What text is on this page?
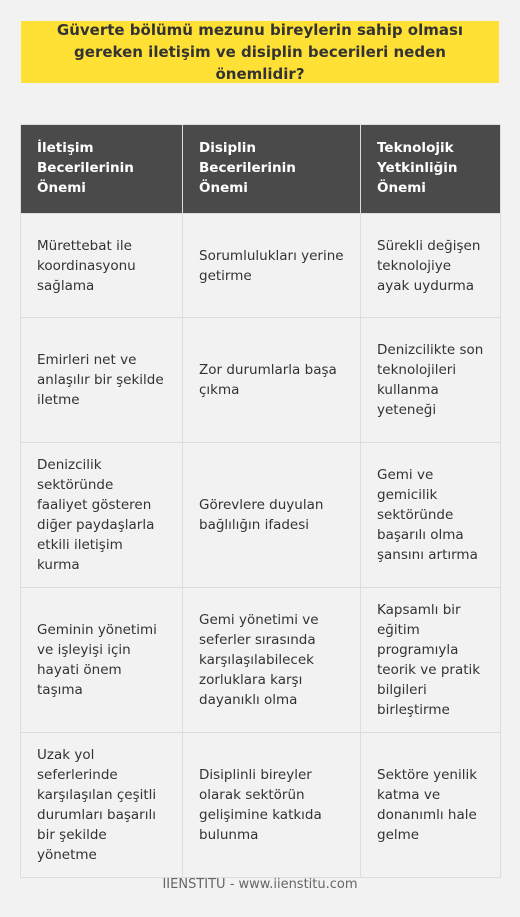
Güverte bölümü mezunu bireylerin sahip olması gereken iletişim ve disiplin becerileri neden önemlidir?
İletişim Becerilerinin Önemi	Disiplin Becerilerinin Önemi	Teknolojik Yetkinliğin Önemi
Mürettebat ile koordinasyonu sağlama	Sorumlulukları yerine getirme	Sürekli değişen teknolojiye ayak uydurma
Emirleri net ve anlaşılır bir şekilde iletme	Zor durumlarla başa çıkma	Denizcilikte son teknolojileri kullanma yeteneği
Denizcilik sektöründe faaliyet gösteren diğer paydaşlarla etkili iletişim kurma	Görevlere duyulan bağlılığın ifadesi	Gemi ve gemicilik sektöründe başarılı olma şansını artırma
Geminin yönetimi ve işleyişi için hayati önem taşıma	Gemi yönetimi ve seferler sırasında karşılaşılabilecek zorluklara karşı dayanıklı olma	Kapsamlı bir eğitim programıyla teorik ve pratik bilgileri birleştirme
Uzak yol seferlerinde karşılaşılan çeşitli durumları başarılı bir şekilde yönetme	Disiplinli bireyler olarak sektörün gelişimine katkıda bulunma	Sektöre yenilik katma ve donanımlı hale gelme
IIENSTITU - www.iienstitu.com
